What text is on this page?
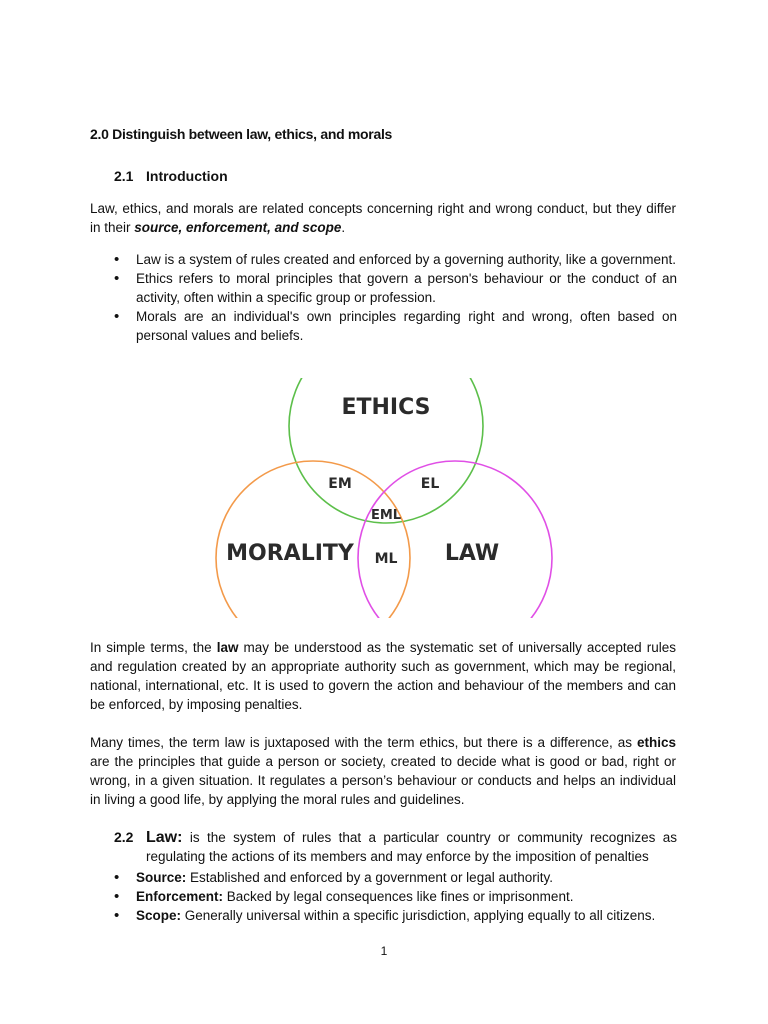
2.0 Distinguish between law, ethics, and morals

2.1 Introduction

Law, ethics, and morals are related concepts concerning right and wrong conduct, but they differ in their source, enforcement, and scope.

• Law is a system of rules created and enforced by a governing authority, like a government.
• Ethics refers to moral principles that govern a person's behaviour or the conduct of an activity, often within a specific group or profession.
• Morals are an individual's own principles regarding right and wrong, often based on personal values and beliefs.
ETHICS
EM	EL
EML
MORALITY ML LAW

In simple terms, the law may be understood as the systematic set of universally accepted rules and regulation created by an appropriate authority such as government, which may be regional, national, international, etc. It is used to govern the action and behaviour of the members and can be enforced, by imposing penalties.

Many times, the term law is juxtaposed with the term ethics, but there is a difference, as ethics are the principles that guide a person or society, created to decide what is good or bad, right or wrong, in a given situation. It regulates a person’s behaviour or conducts and helps an individual in living a good life, by applying the moral rules and guidelines.

2.2 Law: is the system of rules that a particular country or community recognizes as
regulating the actions of its members and may enforce by the imposition of penalties
• Source: Established and enforced by a government or legal authority.
• Enforcement: Backed by legal consequences like fines or imprisonment.
• Scope: Generally universal within a specific jurisdiction, applying equally to all citizens.

1
